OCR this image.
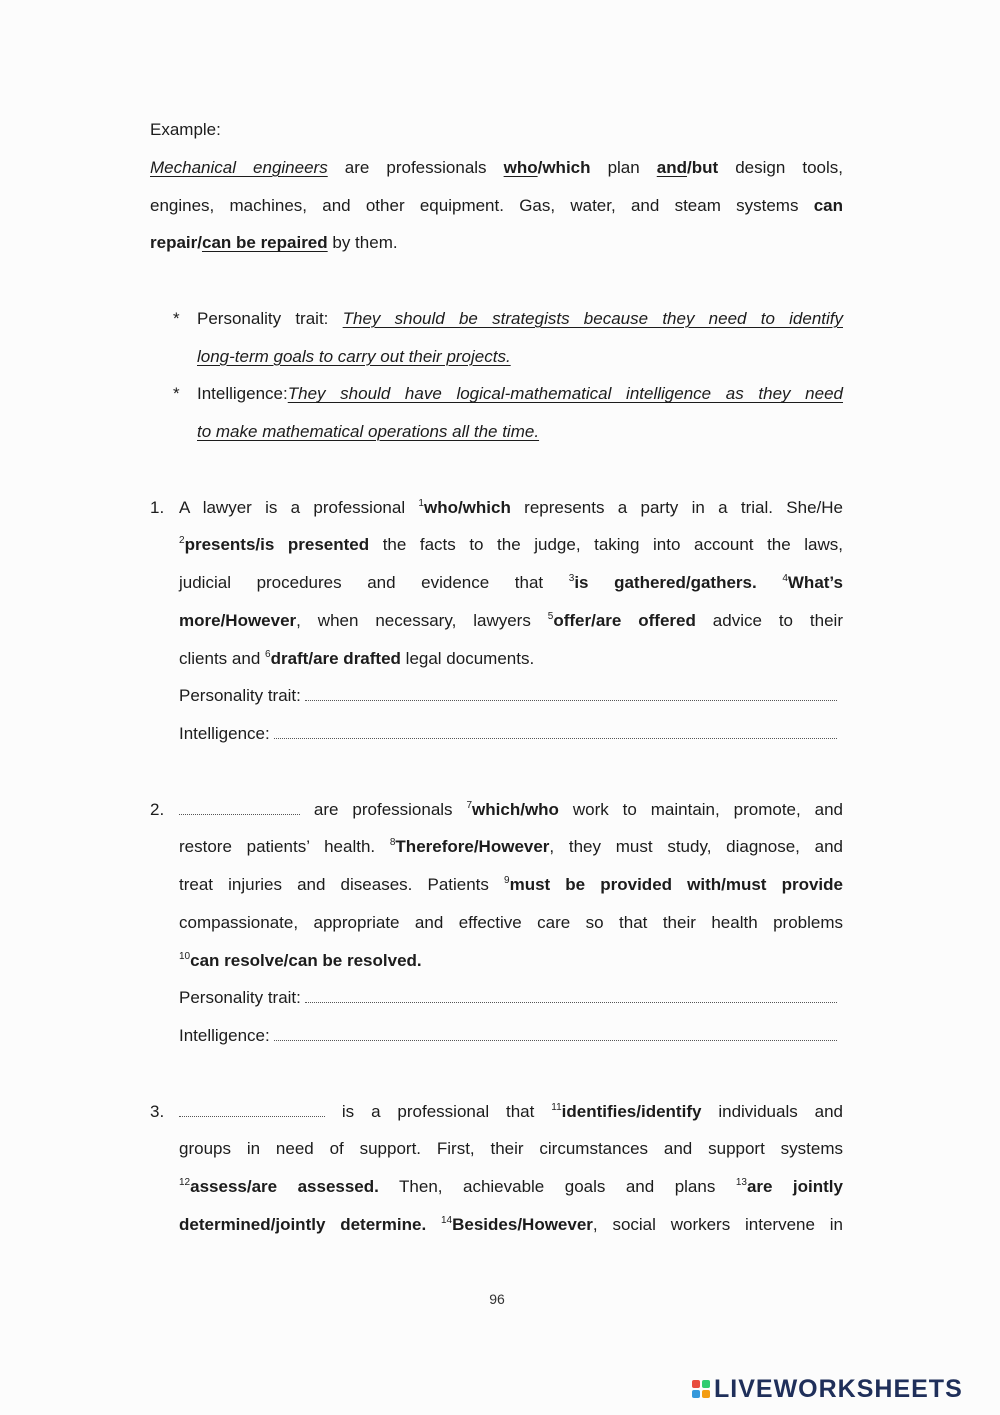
Example:
Mechanical engineers are professionals who/which plan and/but design tools,
engines, machines, and other equipment. Gas, water, and steam systems can
repair/can be repaired by them.
* Personality trait: They should be strategists because they need to identify
long-term goals to carry out their projects.
* Intelligence:They should have logical-mathematical intelligence as they need
to make mathematical operations all the time.
1. A lawyer is a professional $^1$who/which represents a party in a trial. She/He
$^2$presents/is presented the facts to the judge, taking into account the laws,
judicial procedures and evidence that $^3$is gathered/gathers.	$^4$What’s
more/However, when necessary, lawyers $^5$offer/are offered advice to their
clients and $^6$draft/are drafted legal documents.
Personality trait:
Intelligence:
2.	are professionals $^7$which/who work to maintain, promote, and
restore patients’ health. $^8$Therefore/However, they must study, diagnose, and
treat injuries and diseases. Patients $^9$must be provided with/must provide
compassionate, appropriate and effective care so that their health problems
$^{10}$can resolve/can be resolved.
Personality trait:
Intelligence:
3.	is a professional that $^{11}$identifies/identify individuals and
groups in need of support. First, their circumstances and support systems
$^{12}$assess/are assessed. Then, achievable goals and plans $^{13}$are jointly
determined/jointly determine. $^{14}$Besides/However, social workers intervene in
96
LIVEWORKSHEETS
